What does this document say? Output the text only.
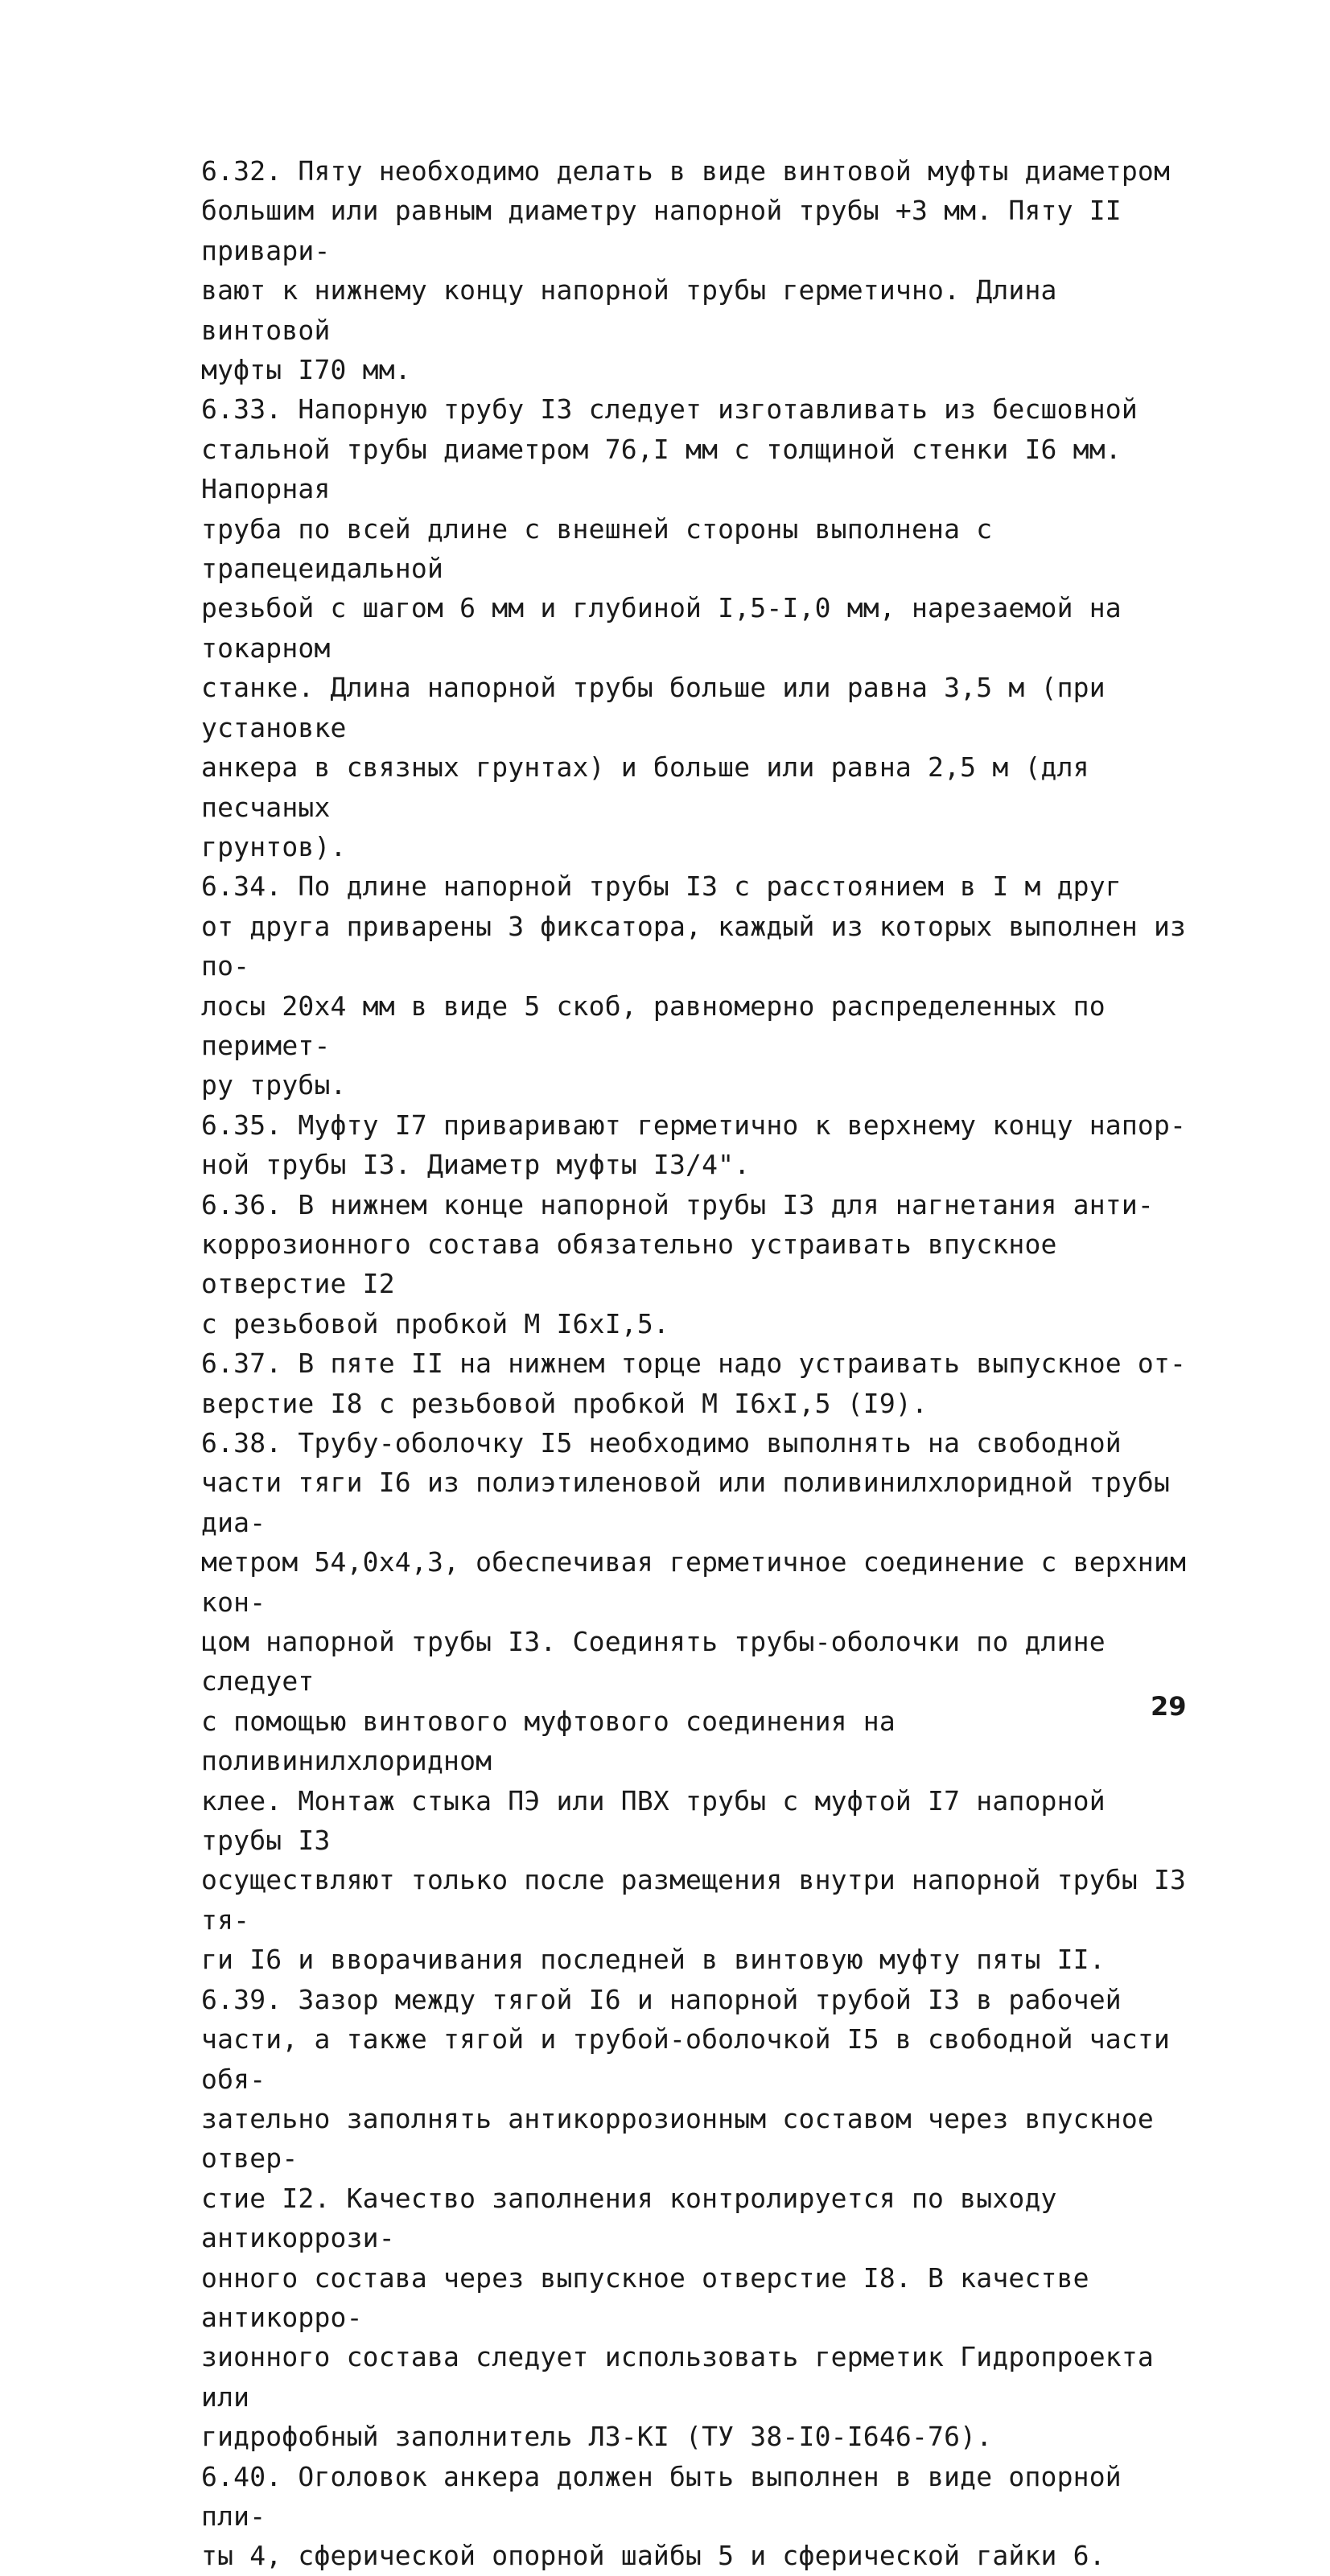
6.32. Пяту необходимо делать в виде винтовой муфты диаметром
большим или равным диаметру напорной трубы +3 мм. Пяту II привари-
вают к нижнему концу напорной трубы герметично. Длина винтовой
муфты I70 мм.

6.33. Напорную трубу I3 следует изготавливать из бесшовной
стальной трубы диаметром 76,I мм с толщиной стенки I6 мм. Напорная
труба по всей длине с внешней стороны выполнена с трапецеидальной
резьбой с шагом 6 мм и глубиной I,5-I,0 мм, нарезаемой на токарном
станке. Длина напорной трубы больше или равна 3,5 м (при установке
анкера в связных грунтах) и больше или равна 2,5 м (для песчаных
грунтов).

6.34. По длине напорной трубы I3 с расстоянием в I м друг
от друга приварены 3 фиксатора, каждый из которых выполнен из по-
лосы 20х4 мм в виде 5 скоб, равномерно распределенных по перимет-
ру трубы.

6.35. Муфту I7 приваривают герметично к верхнему концу напор-
ной трубы I3. Диаметр муфты I3/4".

6.36. В нижнем конце напорной трубы I3 для нагнетания анти-
коррозионного состава обязательно устраивать впускное отверстие I2
с резьбовой пробкой М I6хI,5.

6.37. В пяте II на нижнем торце надо устраивать выпускное от-
верстие I8 с резьбовой пробкой М I6хI,5 (I9).

6.38. Трубу-оболочку I5 необходимо выполнять на свободной
части тяги I6 из полиэтиленовой или поливинилхлоридной трубы диа-
метром 54,0х4,3, обеспечивая герметичное соединение с верхним кон-
цом напорной трубы I3. Соединять трубы-оболочки по длине следует
с помощью винтового муфтового соединения на поливинилхлоридном
клее. Монтаж стыка ПЭ или ПВХ трубы с муфтой I7 напорной трубы I3
осуществляют только после размещения внутри напорной трубы I3 тя-
ги I6 и вворачивания последней в винтовую муфту пяты II.

6.39. Зазор между тягой I6 и напорной трубой I3 в рабочей
части, а также тягой и трубой-оболочкой I5 в свободной части обя-
зательно заполнять антикоррозионным составом через впускное отвер-
стие I2. Качество заполнения контролируется по выходу антикоррози-
онного состава через выпускное отверстие I8. В качестве антикорро-
зионного состава следует использовать герметик Гидропроекта или
гидрофобный заполнитель ЛЗ-КI (ТУ 38-I0-I646-76).

6.40. Оголовок анкера должен быть выполнен в виде опорной пли-
ты 4, сферической опорной шайбы 5 и сферической гайки 6.

29
